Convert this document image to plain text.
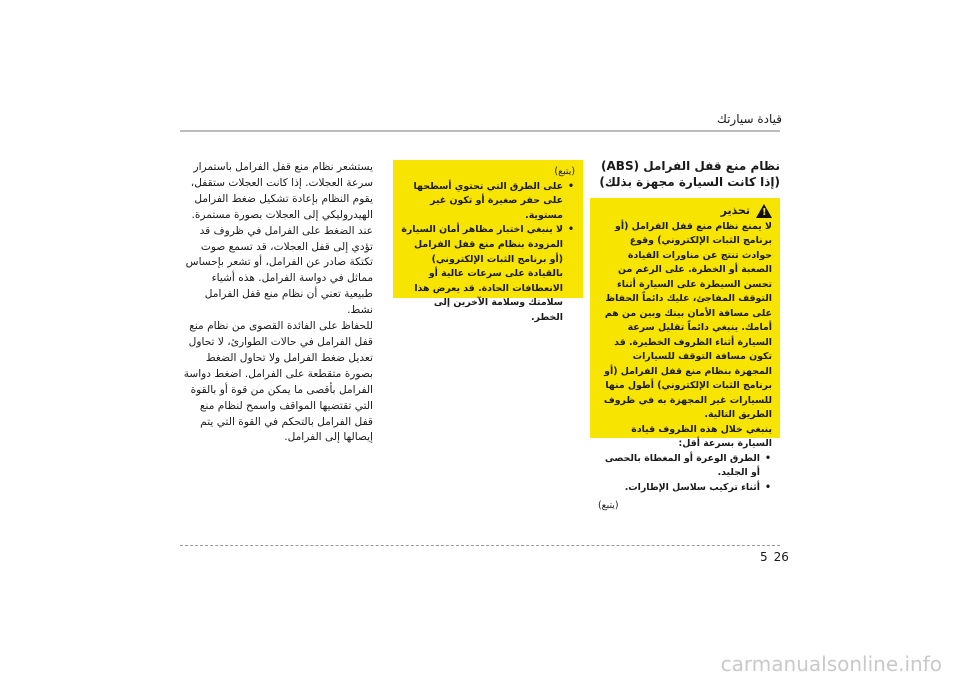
قيادة سيارتك

يستشعر نظام منع قفل الفرامل باستمرار سرعة العجلات. إذا كانت العجلات ستقفل، يقوم النظام بإعادة تشكيل ضغط الفرامل الهيدروليكي إلى العجلات بصورة مستمرة.

عند الضغط على الفرامل في ظروف قد تؤدي إلى قفل العجلات، قد تسمع صوت تكتكة صادر عن الفرامل، أو تشعر بإحساس مماثل في دواسة الفرامل. هذه أشياء طبيعية تعني أن نظام منع قفل الفرامل نشط.

للحفاظ على الفائدة القصوى من نظام منع قفل الفرامل في حالات الطوارئ، لا تحاول تعديل ضغط الفرامل ولا تحاول الضغط بصورة متقطعة على الفرامل. اضغط دواسة الفرامل بأقصى ما يمكن من قوة أو بالقوة التي تقتضيها المواقف واسمح لنظام منع قفل الفرامل بالتحكم في القوة التي يتم إيصالها إلى الفرامل.

(يتبع)
• على الطرق التي تحتوي أسطحها على حفر صغيرة أو تكون غير مستوية.
• لا ينبغي اختبار مظاهر أمان السيارة المزودة بنظام منع قفل الفرامل (أو برنامج الثبات الإلكتروني) بالقيادة على سرعات عالية أو الانعطافات الحادة. قد يعرض هذا سلامتك وسلامة الآخرين إلى الخطر.
نظام منع قفل الفرامل (ABS)
(إذا كانت السيارة مجهزة بذلك)
تحذير
!

لا يمنع نظام منع قفل الفرامل (أو برنامج الثبات الإلكتروني) وقوع حوادث تنتج عن مناورات القيادة الصعبة أو الخطرة. على الرغم من تحسن السيطرة على السيارة أثناء التوقف المفاجئ، عليك دائماً الحفاظ على مسافة الأمان بينك وبين من هم أمامك. ينبغي دائماً تقليل سرعة السيارة أثناء الظروف الخطيرة. قد تكون مسافة التوقف للسيارات المجهزة بنظام منع قفل الفرامل (أو برنامج الثبات الإلكتروني) أطول منها للسيارات غير المجهزة به في ظروف الطريق التالية.

ينبغي خلال هذه الظروف قيادة السيارة بسرعة أقل:

• الطرق الوعرة أو المغطاة بالحصى أو الجليد.
• أثناء تركيب سلاسل الإطارات.
(يتبع)
5 26
carmanualsonline.info
